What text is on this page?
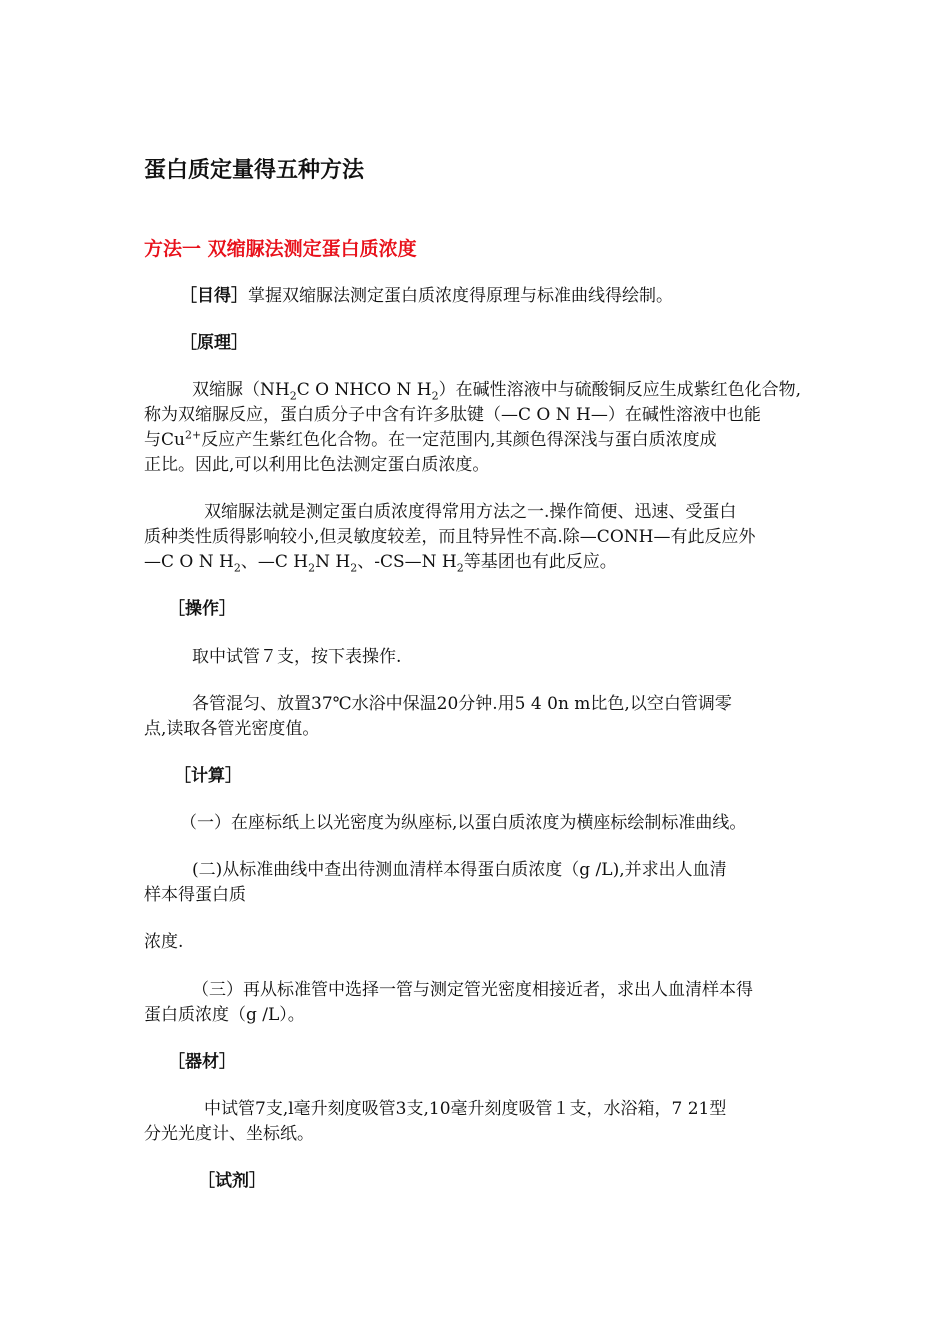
蛋白质定量得五种方法
方法一 双缩脲法测定蛋白质浓度
［目得］掌握双缩脲法测定蛋白质浓度得原理与标准曲线得绘制。
［原理］
双缩脲（$NH_2C$ O NHCO N $H_2$）在碱性溶液中与硫酸铜反应生成紫红色化合物,
称为双缩脲反应，蛋白质分子中含有许多肽键（—C O N H—）在碱性溶液中也能
与$Cu^{2+}$反应产生紫红色化合物。在一定范围内,其颜色得深浅与蛋白质浓度成
正比。因此,可以利用比色法测定蛋白质浓度。
双缩脲法就是测定蛋白质浓度得常用方法之一.操作简便、迅速、受蛋白
质种类性质得影响较小,但灵敏度较差，而且特异性不高.除—CONH—有此反应外
—C O N $H_2$、—C $H_2N$ $H_2$、-CS—N $H_2$等基团也有此反应。
［操作］
取中试管７支，按下表操作.
各管混匀、放置37℃水浴中保温20分钟.用5 4 0n m比色,以空白管调零
点,读取各管光密度值。
［计算］
（一）在座标纸上以光密度为纵座标,以蛋白质浓度为横座标绘制标准曲线。
(二)从标准曲线中查出待测血清样本得蛋白质浓度（g /L),并求出人血清
样本得蛋白质
浓度.
（三）再从标准管中选择一管与测定管光密度相接近者，求出人血清样本得
蛋白质浓度（g /L）。
［器材］
中试管7支,l毫升刻度吸管3支,10毫升刻度吸管１支，水浴箱，7 21型
分光光度计、坐标纸。
［试剂］
